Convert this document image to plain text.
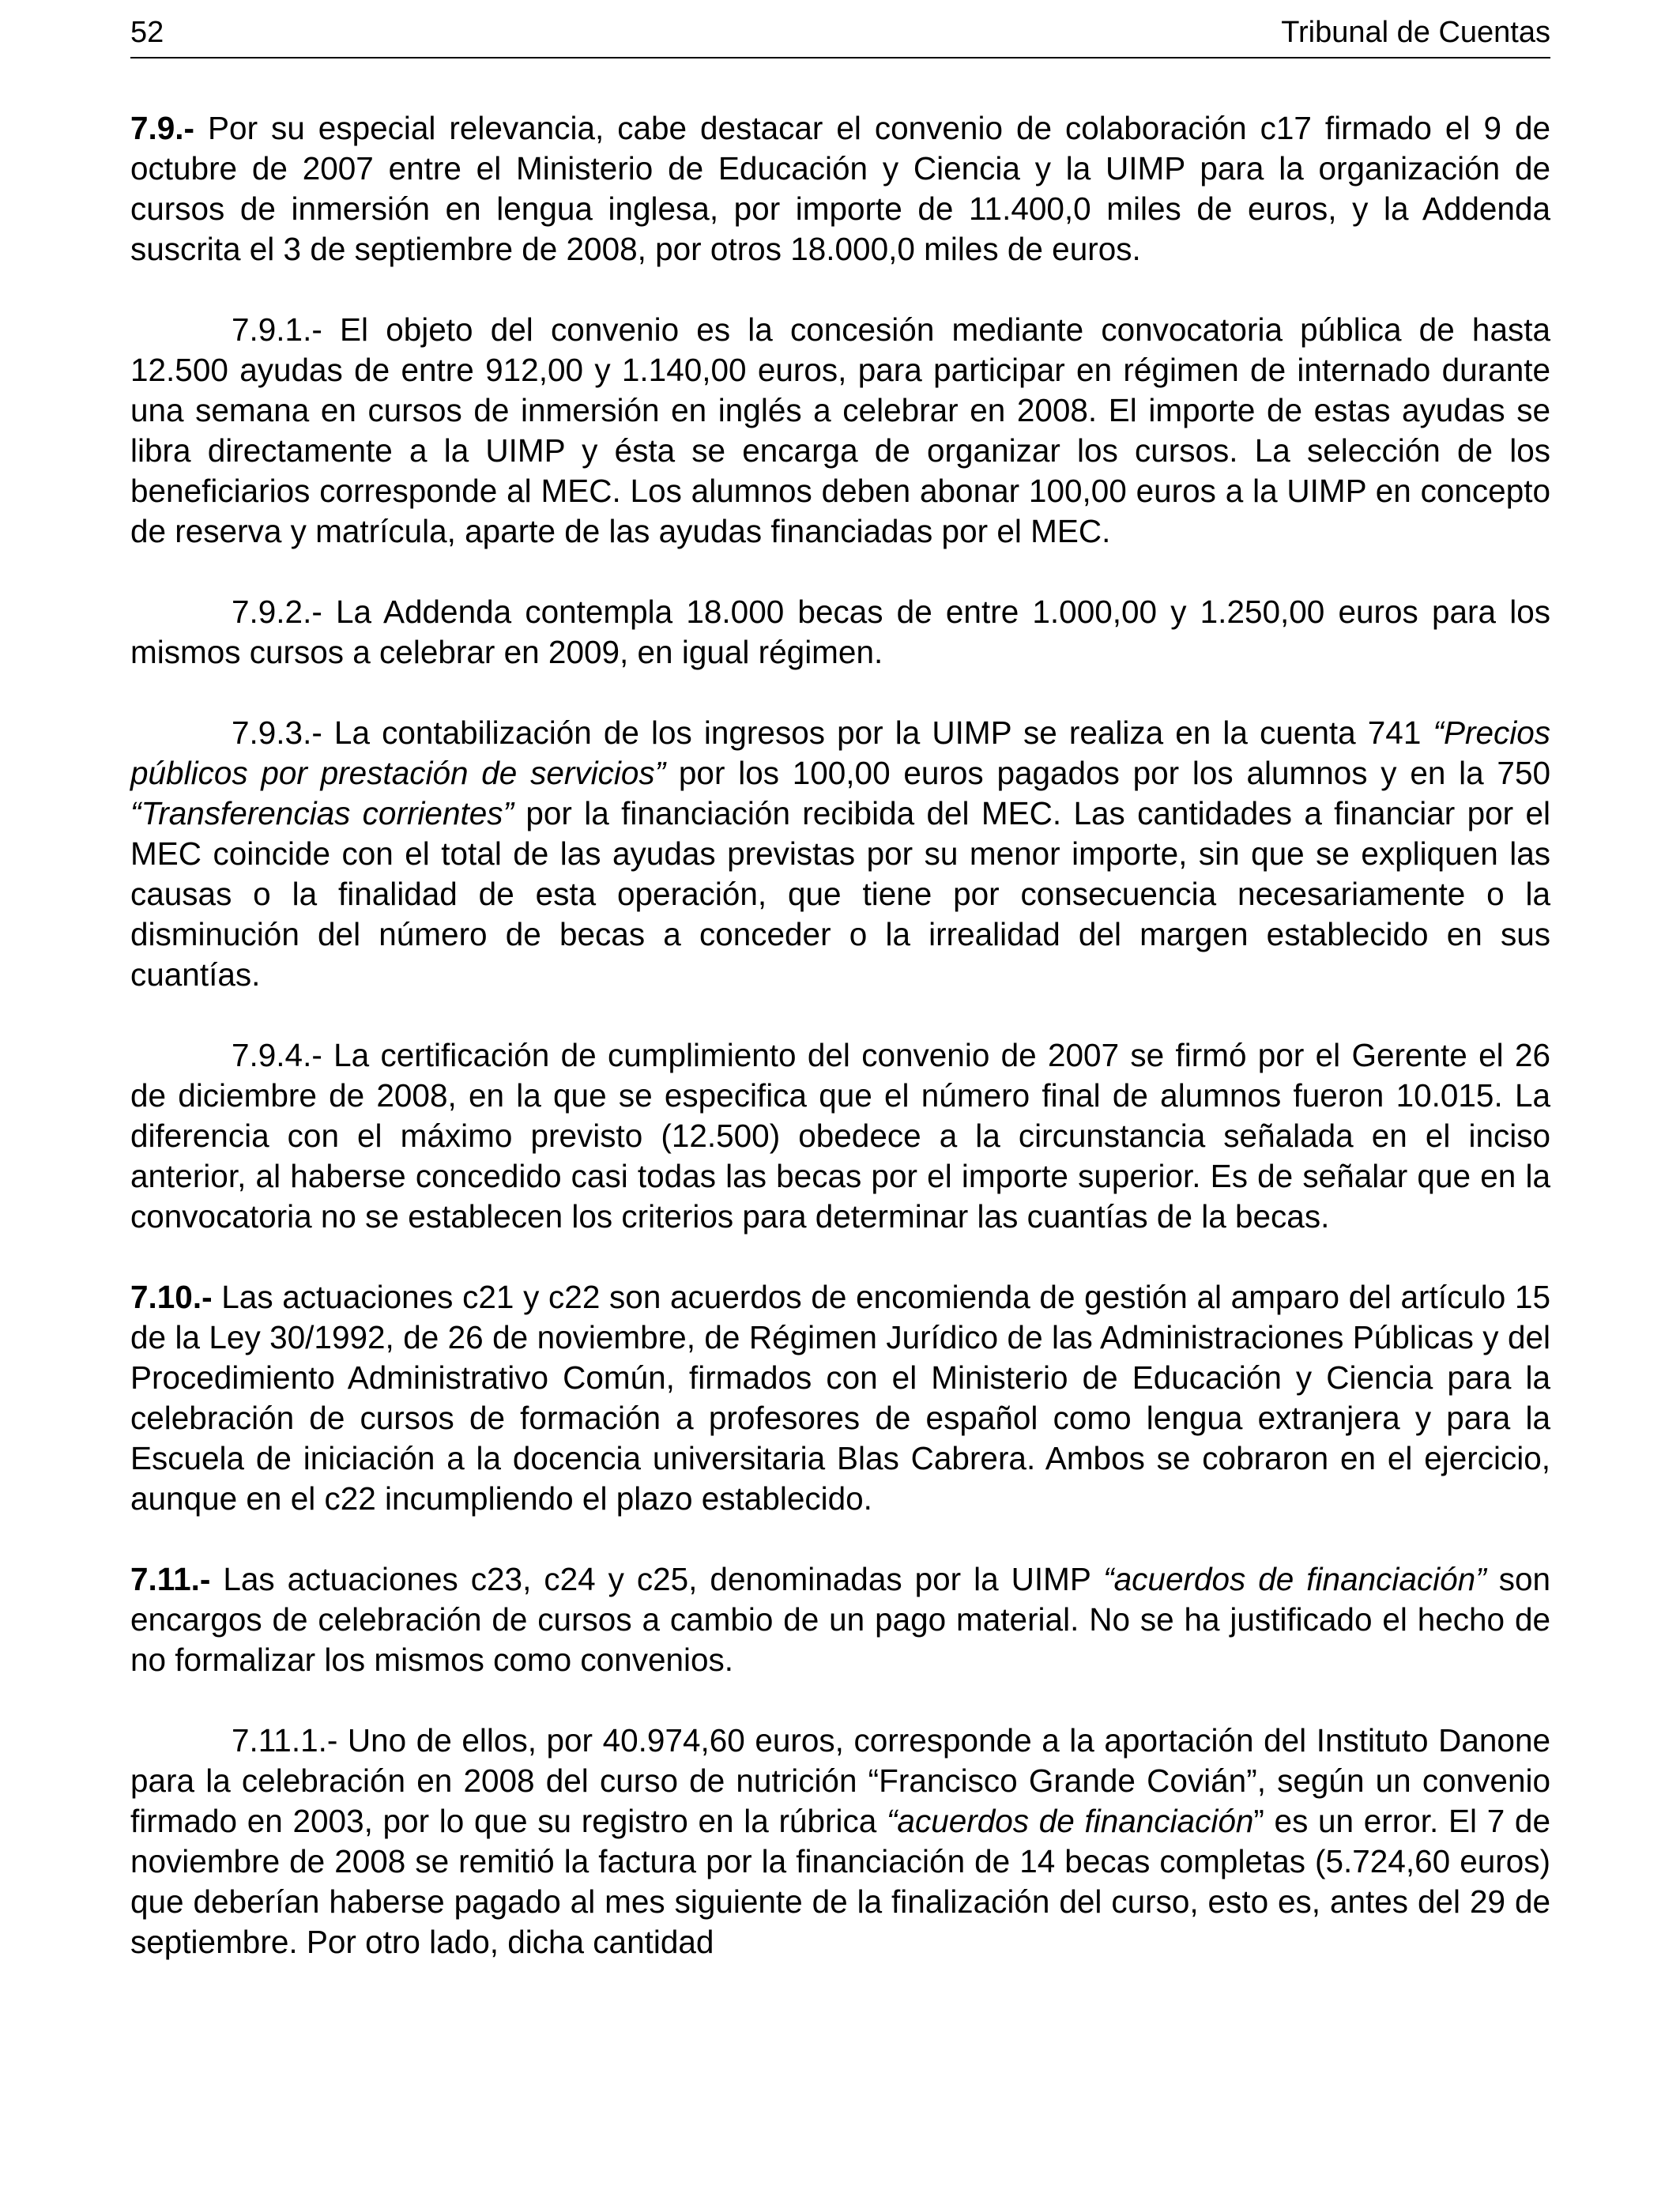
52	Tribunal de Cuentas

7.9.- Por su especial relevancia, cabe destacar el convenio de colaboración c17 firmado el 9 de octubre de 2007 entre el Ministerio de Educación y Ciencia y la UIMP para la organización de cursos de inmersión en lengua inglesa, por importe de 11.400,0 miles de euros, y la Addenda suscrita el 3 de septiembre de 2008, por otros 18.000,0 miles de euros.

7.9.1.- El objeto del convenio es la concesión mediante convocatoria pública de hasta 12.500 ayudas de entre 912,00 y 1.140,00 euros, para participar en régimen de internado durante una semana en cursos de inmersión en inglés a celebrar en 2008. El importe de estas ayudas se libra directamente a la UIMP y ésta se encarga de organizar los cursos. La selección de los beneficiarios corresponde al MEC. Los alumnos deben abonar 100,00 euros a la UIMP en concepto de reserva y matrícula, aparte de las ayudas financiadas por el MEC.

7.9.2.- La Addenda contempla 18.000 becas de entre 1.000,00 y 1.250,00 euros para los mismos cursos a celebrar en 2009, en igual régimen.

7.9.3.- La contabilización de los ingresos por la UIMP se realiza en la cuenta 741 “Precios públicos por prestación de servicios” por los 100,00 euros pagados por los alumnos y en la 750 “Transferencias corrientes” por la financiación recibida del MEC. Las cantidades a financiar por el MEC coincide con el total de las ayudas previstas por su menor importe, sin que se expliquen las causas o la finalidad de esta operación, que tiene por consecuencia necesariamente o la disminución del número de becas a conceder o la irrealidad del margen establecido en sus cuantías.

7.9.4.- La certificación de cumplimiento del convenio de 2007 se firmó por el Gerente el 26 de diciembre de 2008, en la que se especifica que el número final de alumnos fueron 10.015. La diferencia con el máximo previsto (12.500) obedece a la circunstancia señalada en el inciso anterior, al haberse concedido casi todas las becas por el importe superior. Es de señalar que en la convocatoria no se establecen los criterios para determinar las cuantías de la becas.

7.10.- Las actuaciones c21 y c22 son acuerdos de encomienda de gestión al amparo del artículo 15 de la Ley 30/1992, de 26 de noviembre, de Régimen Jurídico de las Administraciones Públicas y del Procedimiento Administrativo Común, firmados con el Ministerio de Educación y Ciencia para la celebración de cursos de formación a profesores de español como lengua extranjera y para la Escuela de iniciación a la docencia universitaria Blas Cabrera. Ambos se cobraron en el ejercicio, aunque en el c22 incumpliendo el plazo establecido.

7.11.- Las actuaciones c23, c24 y c25, denominadas por la UIMP “acuerdos de financiación” son encargos de celebración de cursos a cambio de un pago material. No se ha justificado el hecho de no formalizar los mismos como convenios.

7.11.1.- Uno de ellos, por 40.974,60 euros, corresponde a la aportación del Instituto Danone para la celebración en 2008 del curso de nutrición “Francisco Grande Covián”, según un convenio firmado en 2003, por lo que su registro en la rúbrica “acuerdos de financiación” es un error. El 7 de noviembre de 2008 se remitió la factura por la financiación de 14 becas completas (5.724,60 euros) que deberían haberse pagado al mes siguiente de la finalización del curso, esto es, antes del 29 de septiembre. Por otro lado, dicha cantidad
